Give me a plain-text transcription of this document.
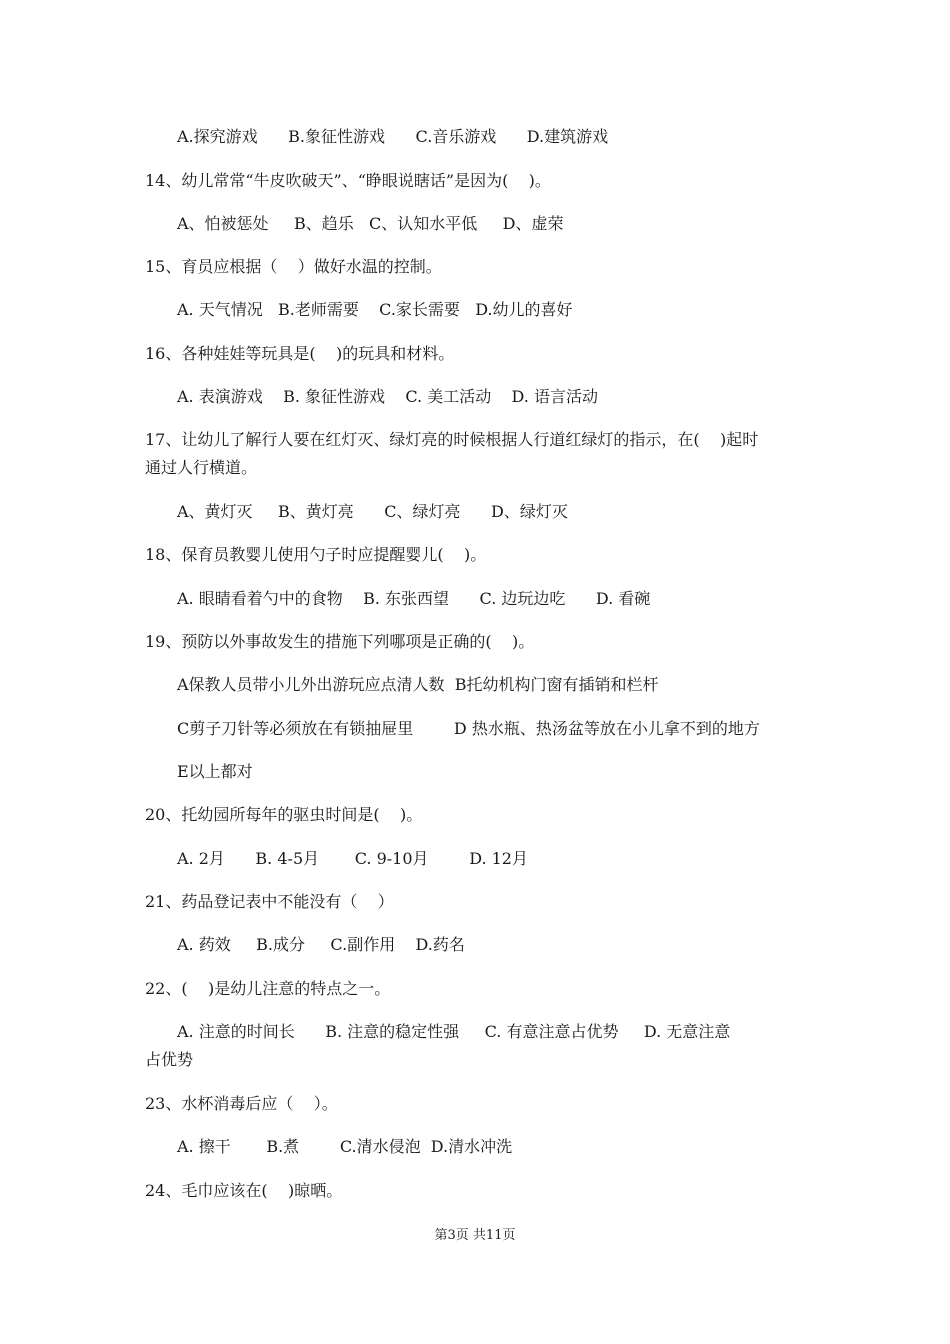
A.探究游戏      B.象征性游戏      C.音乐游戏      D.建筑游戏
14、幼儿常常“牛皮吹破天”、“睁眼说瞎话”是因为(    )。
A、怕被惩处     B、趋乐   C、认知水平低     D、虚荣
15、育员应根据（    ）做好水温的控制。
A. 天气情况   B.老师需要    C.家长需要   D.幼儿的喜好
16、各种娃娃等玩具是(    )的玩具和材料。
A. 表演游戏    B. 象征性游戏    C. 美工活动    D. 语言活动
17、让幼儿了解行人要在红灯灭、绿灯亮的时候根据人行道红绿灯的指示，在(    )起时
通过人行横道。
A、黄灯灭     B、黄灯亮      C、绿灯亮      D、绿灯灭
18、保育员教婴儿使用勺子时应提醒婴儿(    )。
A. 眼睛看着勺中的食物    B. 东张西望      C. 边玩边吃      D. 看碗
19、预防以外事故发生的措施下列哪项是正确的(    )。
A保教人员带小儿外出游玩应点清人数  B托幼机构门窗有插销和栏杆
C剪子刀针等必须放在有锁抽屉里        D 热水瓶、热汤盆等放在小儿拿不到的地方
E以上都对
20、托幼园所每年的驱虫时间是(    )。
A. 2月      B. 4-5月       C. 9-10月        D. 12月
21、药品登记表中不能没有（    ）
A. 药效     B.成分     C.副作用    D.药名
22、(    )是幼儿注意的特点之一。
A. 注意的时间长      B. 注意的稳定性强     C. 有意注意占优势     D. 无意注意
占优势
23、水杯消毒后应（    ）。
A. 擦干       B.煮        C.清水侵泡  D.清水冲洗
24、毛巾应该在(    )晾晒。
第3页 共11页
